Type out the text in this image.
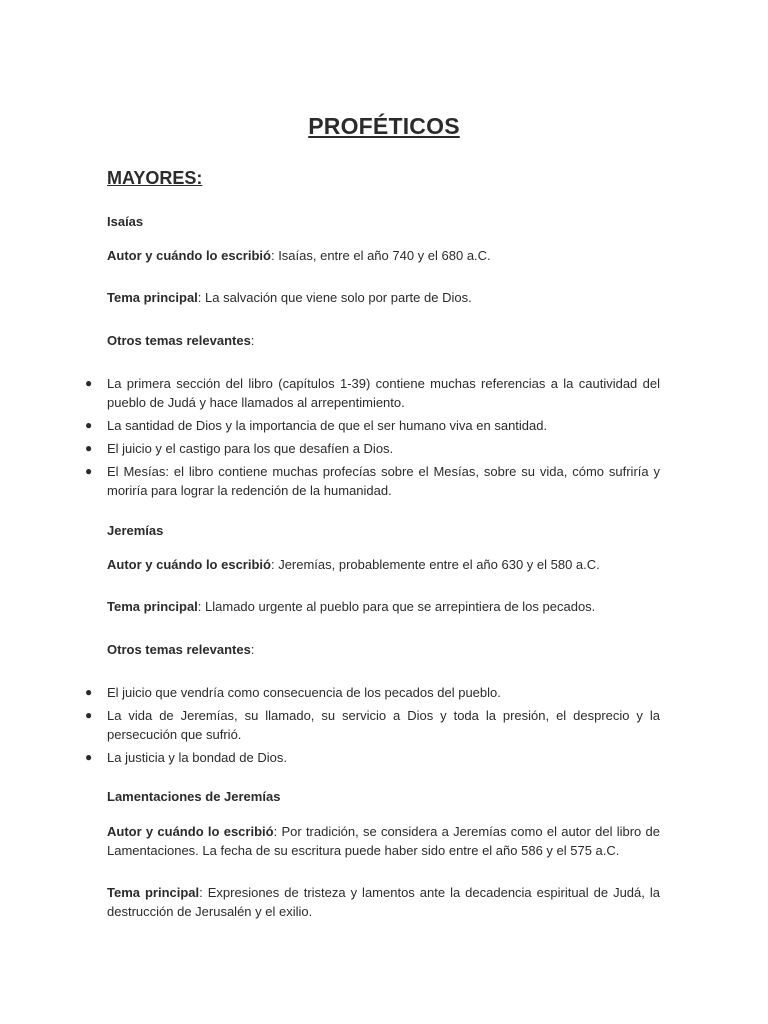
PROFÉTICOS
MAYORES:
Isaías
Autor y cuándo lo escribió: Isaías, entre el año 740 y el 680 a.C.
Tema principal: La salvación que viene solo por parte de Dios.
Otros temas relevantes:
● La primera sección del libro (capítulos 1-39) contiene muchas referencias a la cautividad del pueblo de Judá y hace llamados al arrepentimiento.
● La santidad de Dios y la importancia de que el ser humano viva en santidad.
● El juicio y el castigo para los que desafíen a Dios.
● El Mesías: el libro contiene muchas profecías sobre el Mesías, sobre su vida, cómo sufriría y moriría para lograr la redención de la humanidad.
Jeremías
Autor y cuándo lo escribió: Jeremías, probablemente entre el año 630 y el 580 a.C.
Tema principal: Llamado urgente al pueblo para que se arrepintiera de los pecados.
Otros temas relevantes:
● El juicio que vendría como consecuencia de los pecados del pueblo.
● La vida de Jeremías, su llamado, su servicio a Dios y toda la presión, el desprecio y la persecución que sufrió.
● La justicia y la bondad de Dios.
Lamentaciones de Jeremías
Autor y cuándo lo escribió: Por tradición, se considera a Jeremías como el autor del libro de Lamentaciones. La fecha de su escritura puede haber sido entre el año 586 y el 575 a.C.
Tema principal: Expresiones de tristeza y lamentos ante la decadencia espiritual de Judá, la destrucción de Jerusalén y el exilio.
